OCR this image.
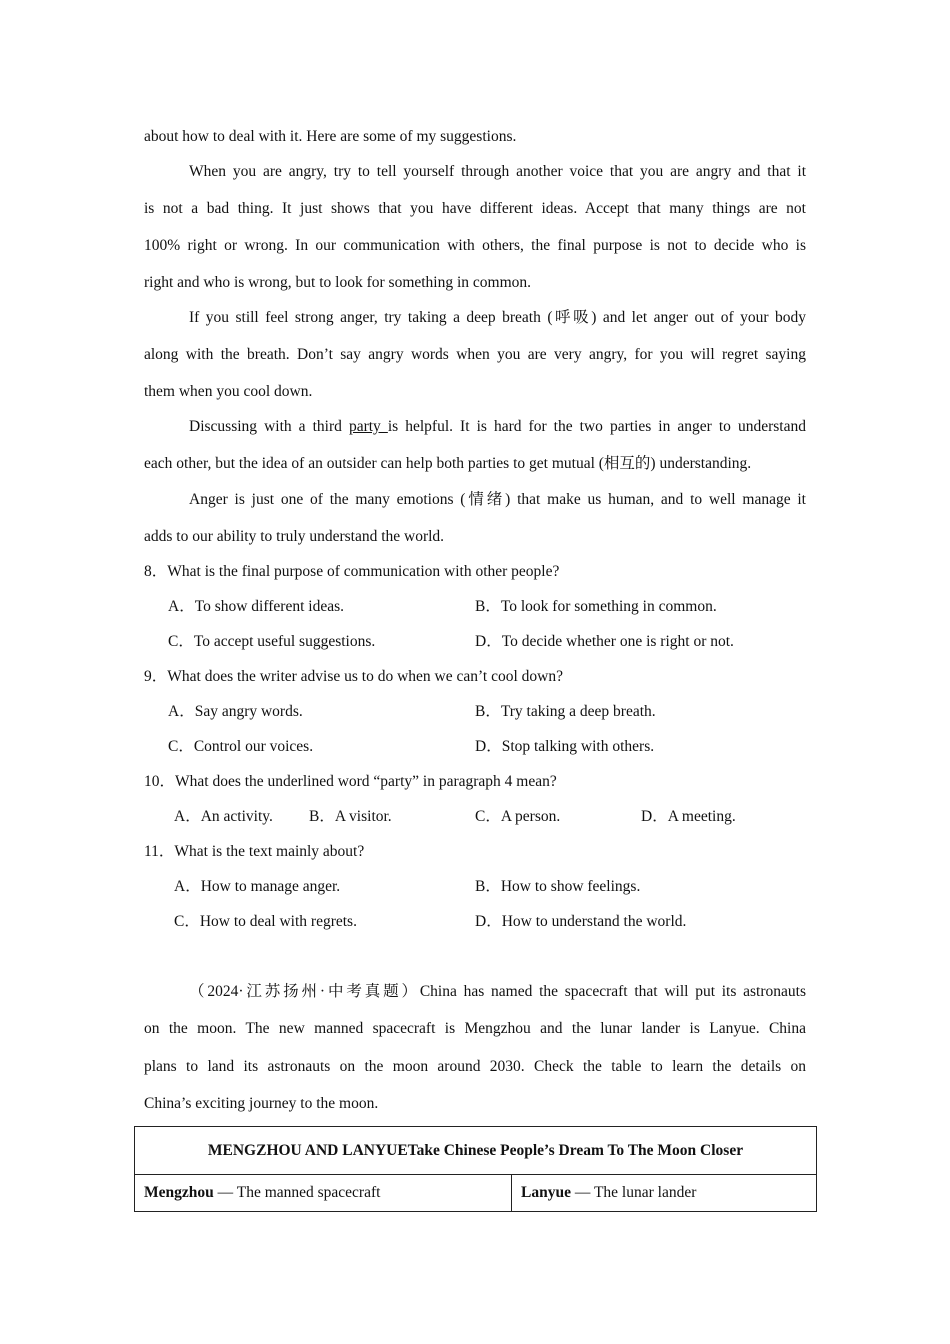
about how to deal with it. Here are some of my suggestions.
When you are angry, try to tell yourself through another voice that you are angry and that it
is not a bad thing. It just shows that you have different ideas. Accept that many things are not
100% right or wrong. In our communication with others, the final purpose is not to decide who is
right and who is wrong, but to look for something in common.
If you still feel strong anger, try taking a deep breath (呼吸) and let anger out of your body
along with the breath. Don’t say angry words when you are very angry, for you will regret saying
them when you cool down.
Discussing with a third party is helpful. It is hard for the two parties in anger to understand
each other, but the idea of an outsider can help both parties to get mutual (相互的) understanding.
Anger is just one of the many emotions (情绪) that make us human, and to well manage it
adds to our ability to truly understand the world.
8．What is the final purpose of communication with other people?
A．To show different ideas.	B．To look for something in common.
C．To accept useful suggestions.	D．To decide whether one is right or not.
9．What does the writer advise us to do when we can’t cool down?
A．Say angry words.	B．Try taking a deep breath.
C．Control our voices.	D．Stop talking with others.
10．What does the underlined word “party” in paragraph 4 mean?
A．An activity. B．A visitor.	C．A person.	D．A meeting.
11．What is the text mainly about?
A．How to manage anger.	B．How to show feelings.
C．How to deal with regrets.	D．How to understand the world.
（2024·江苏扬州·中考真题）China has named the spacecraft that will put its astronauts
on the moon. The new manned spacecraft is Mengzhou and the lunar lander is Lanyue. China
plans to land its astronauts on the moon around 2030. Check the table to learn the details on
China’s exciting journey to the moon.
MENGZHOU AND LANYUETake Chinese People’s Dream To The Moon Closer
Mengzhou — The manned spacecraft	Lanyue — The lunar lander
